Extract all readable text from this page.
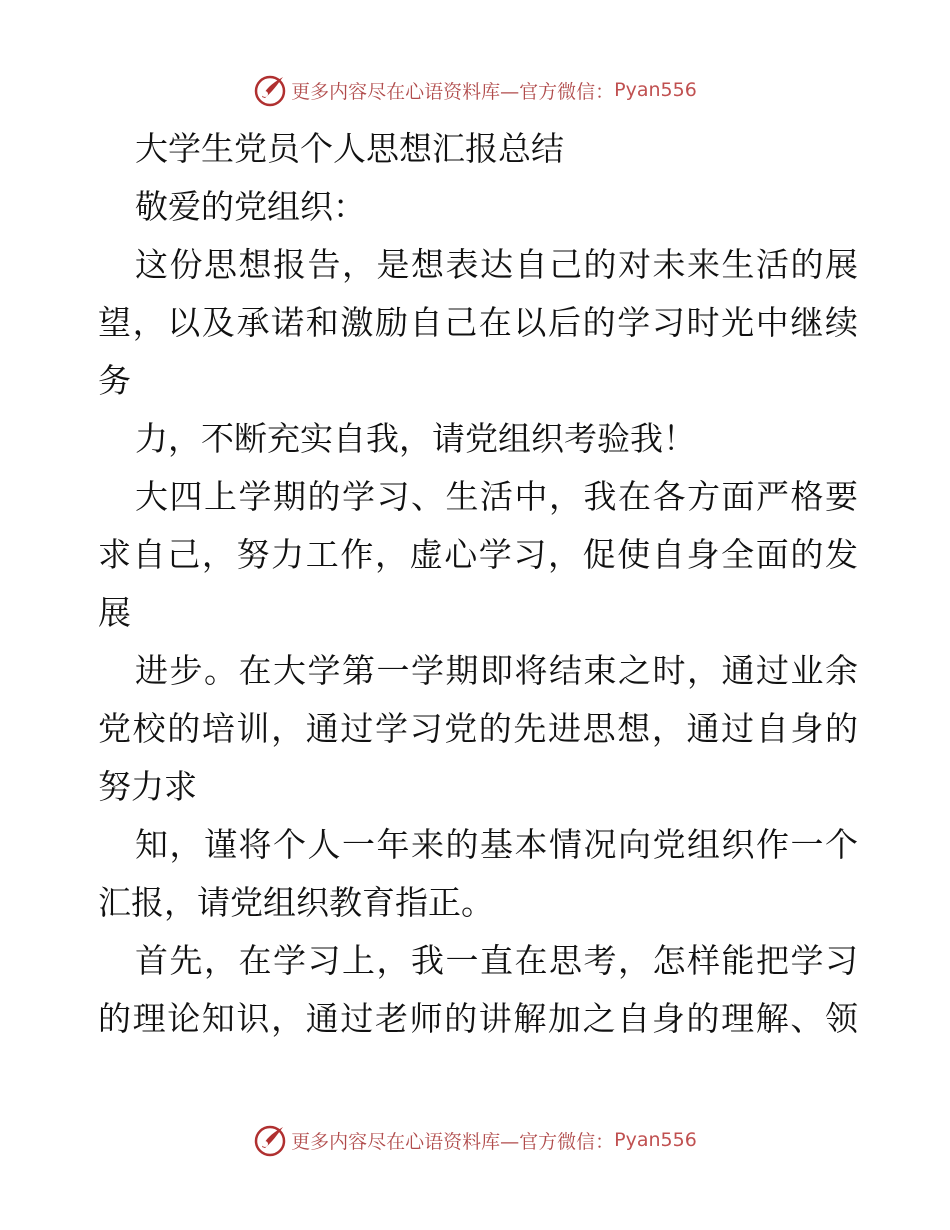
更多内容尽在心语资料库—官方微信： Pyan556
大学生党员个人思想汇报总结
敬爱的党组织：
这份思想报告，是想表达自己的对未来生活的展
望，以及承诺和激励自己在以后的学习时光中继续
务
力，不断充实自我，请党组织考验我！
大四上学期的学习、生活中，我在各方面严格要
求自己，努力工作，虚心学习，促使自身全面的发
展
进步。在大学第一学期即将结束之时，通过业余
党校的培训，通过学习党的先进思想，通过自身的
努力求
知，谨将个人一年来的基本情况向党组织作一个
汇报，请党组织教育指正。
首先，在学习上，我一直在思考，怎样能把学习
的理论知识，通过老师的讲解加之自身的理解、领
更多内容尽在心语资料库—官方微信： Pyan556
